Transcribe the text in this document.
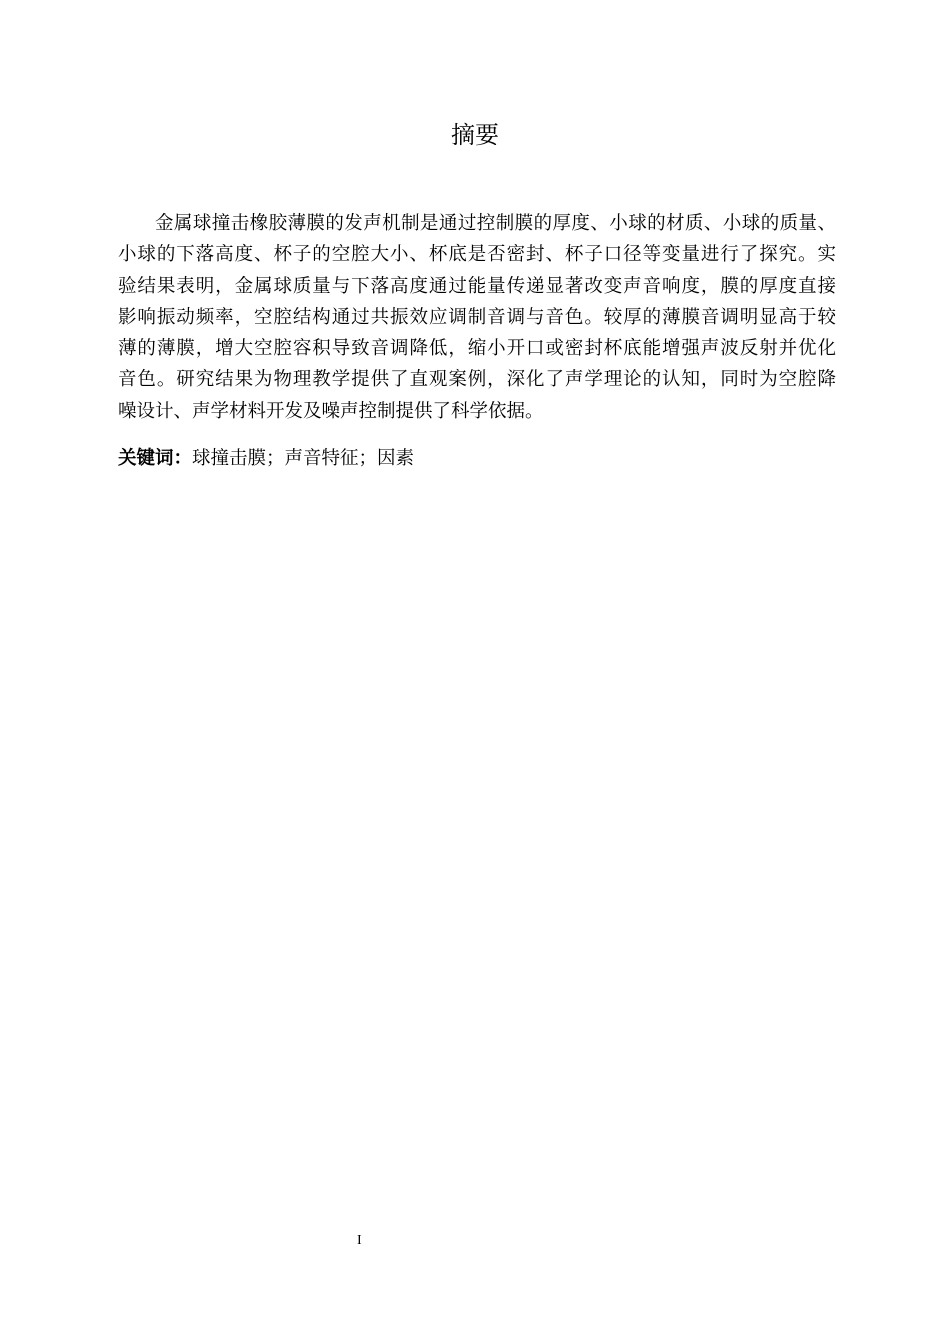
摘要
金属球撞击橡胶薄膜的发声机制是通过控制膜的厚度、小球的材质、小球的质量、
小球的下落高度、杯子的空腔大小、杯底是否密封、杯子口径等变量进行了探究。实
验结果表明，金属球质量与下落高度通过能量传递显著改变声音响度，膜的厚度直接
影响振动频率，空腔结构通过共振效应调制音调与音色。较厚的薄膜音调明显高于较
薄的薄膜，增大空腔容积导致音调降低，缩小开口或密封杯底能增强声波反射并优化
音色。研究结果为物理教学提供了直观案例，深化了声学理论的认知，同时为空腔降
噪设计、声学材料开发及噪声控制提供了科学依据。

关键词：球撞击膜；声音特征；因素

I
